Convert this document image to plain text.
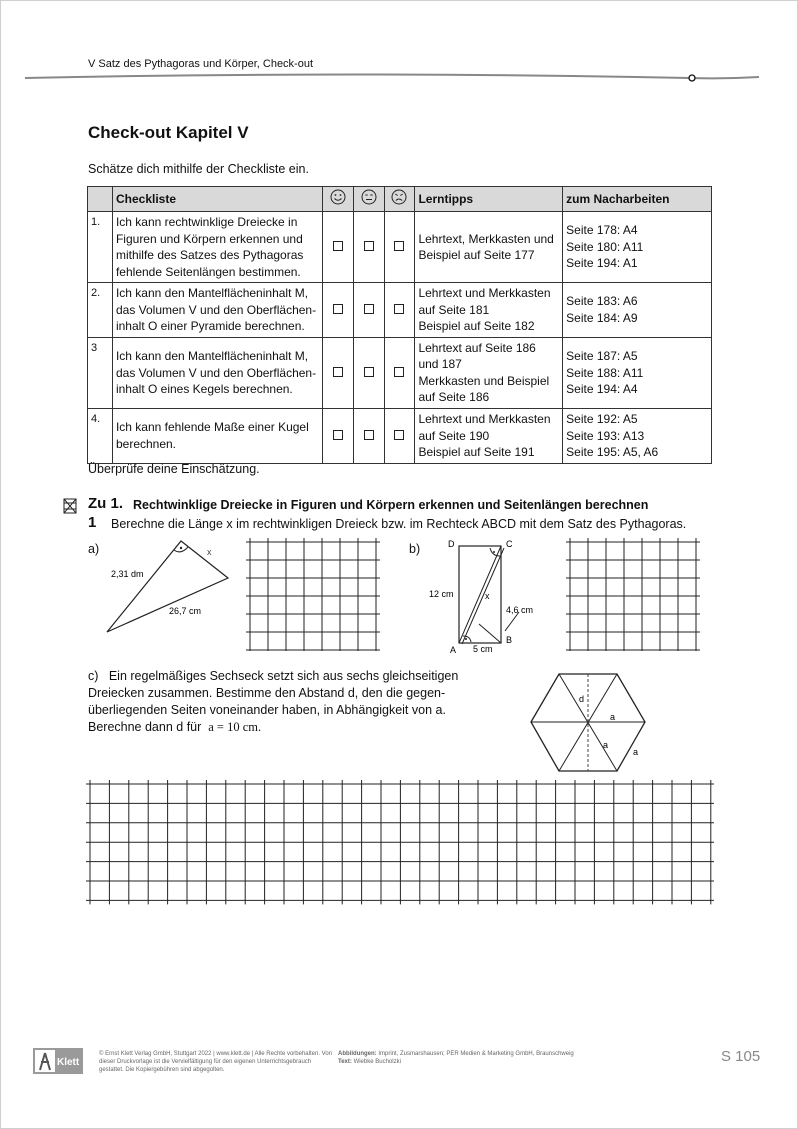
V Satz des Pythagoras und Körper, Check-out
Check-out Kapitel V
Schätze dich mithilfe der Checkliste ein.
	Checkliste				Lerntipps	zum Nacharbeiten
1.	Ich kann rechtwinklige Dreiecke in Figuren und Körpern erkennen und mithilfe des Satzes des Pythagoras fehlende Seitenlängen bestimmen.				Lehrtext, Merkkasten und Beispiel auf Seite 177	Seite 178: A4
Seite 180: A11
Seite 194: A1
2.	Ich kann den Mantelflächeninhalt M, das Volumen V und den Oberflächen-inhalt O einer Pyramide berechnen.				Lehrtext und Merkkasten auf Seite 181
Beispiel auf Seite 182	Seite 183: A6
Seite 184: A9
3	Ich kann den Mantelflächeninhalt M, das Volumen V und den Oberflächen-inhalt O eines Kegels berechnen.				Lehrtext auf Seite 186 und 187
Merkkasten und Beispiel auf Seite 186	Seite 187: A5
Seite 188: A11
Seite 194: A4
4.	Ich kann fehlende Maße einer Kugel berechnen.				Lehrtext und Merkkasten auf Seite 190
Beispiel auf Seite 191	Seite 192: A5
Seite 193: A13
Seite 195: A5, A6
Überprüfe deine Einschätzung.
Zu 1. Rechtwinklige Dreiecke in Figuren und Körpern erkennen und Seitenlängen berechnen
1 Berechne die Länge x im rechtwinkligen Dreieck bzw. im Rechteck ABCD mit dem Satz des Pythagoras.
a)
2,31 dm
26,7 cm
x	b)	D	C
A
B
12 cm
5 cm
4,6 cm
x
c) Ein regelmäßiges Sechseck setzt sich aus sechs gleichseitigen Dreiecken zusammen. Bestimme den Abstand d, den die gegen-überliegenden Seiten voneinander haben, in Abhängigkeit von a. Berechne dann d für a = 10 cm.
d
a
a
a
Klett
© Ernst Klett Verlag GmbH, Stuttgart 2022 | www.klett.de | Alle Rechte vorbehalten. Von dieser Druckvorlage ist die Vervielfältigung für den eigenen Unterrichtsgebrauch gestattet. Die Kopiergebühren sind abgegolten.
Abbildungen: Imprint, Zusmarshausen; PER Medien & Marketing GmbH, Braunschweig
Text: Wiebke Bucholzki	S 105
